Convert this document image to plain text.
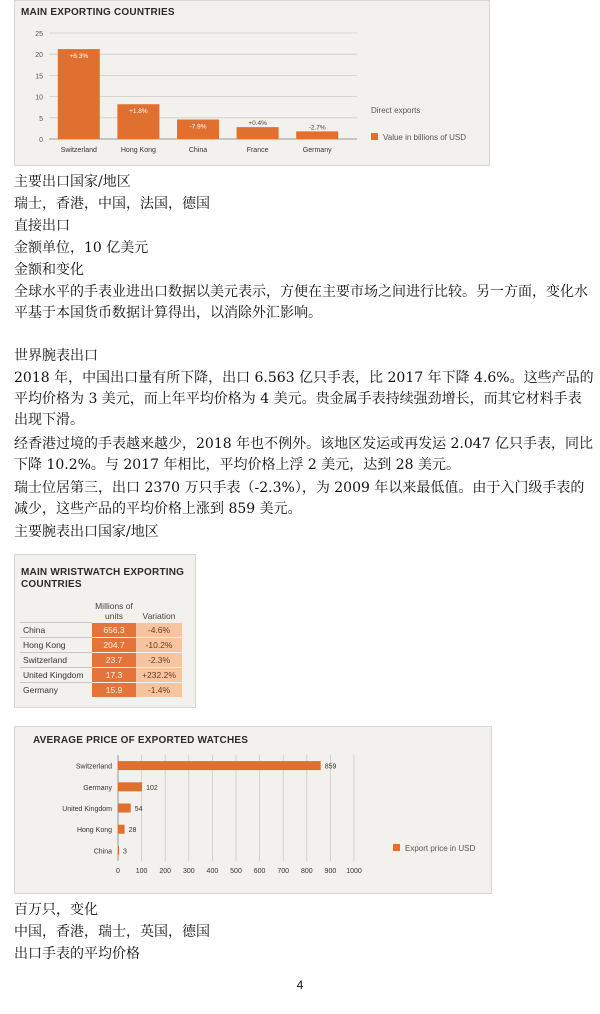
MAIN EXPORTING COUNTRIES
0
5
10
15
20
25
+6.3%
Switzerland
+1.8%
Hong Kong
-7.9%
China
+0.4%
France
-2.7%
Germany
Direct exports
Value in billions of USD
主要出口国家/地区
瑞士，香港，中国，法国，德国
直接出口
金额单位，10 亿美元
金额和变化
全球水平的手表业进出口数据以美元表示，方便在主要市场之间进行比较。另一方面，变化水平基于本国货币数据计算得出，以消除外汇影响。
世界腕表出口
2018 年，中国出口量有所下降，出口 6.563 亿只手表，比 2017 年下降 4.6%。这些产品的平均价格为 3 美元，而上年平均价格为 4 美元。贵金属手表持续强劲增长，而其它材料手表出现下滑。
经香港过境的手表越来越少，2018 年也不例外。该地区发运或再发运 2.047 亿只手表，同比下降 10.2%。与 2017 年相比，平均价格上浮 2 美元，达到 28 美元。
瑞士位居第三，出口 2370 万只手表（-2.3%），为 2009 年以来最低值。由于入门级手表的减少，这些产品的平均价格上涨到 859 美元。
主要腕表出口国家/地区
MAIN WRISTWATCH EXPORTING
COUNTRIES
	Millions of units	Variation
China	656.3	-4.6%
Hong Kong	204.7	-10.2%
Switzerland	23.7	-2.3%
United Kingdom	17.3	+232.2%
Germany	15.9	-1.4%
AVERAGE PRICE OF EXPORTED WATCHES
0 100 200 300 400 500 600 700 800 900 1000
859
Switzerland
102
Germany
54
United Kingdom
28
Hong Kong
3
China	Export price in USD
百万只，变化
中国，香港，瑞士，英国，德国
出口手表的平均价格
4
